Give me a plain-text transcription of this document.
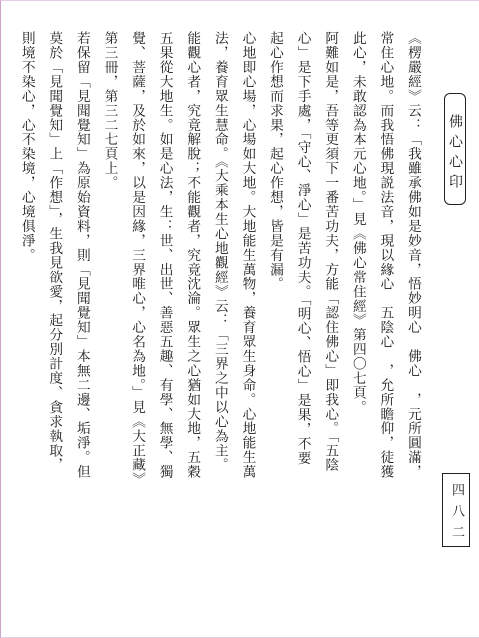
佛心心印

《楞嚴經》云：「我雖承佛如是妙音，悟妙明心　佛心　，元所圓滿，

常住心地。而我悟佛現説法音，現以緣心　五陰心　，允所瞻仰，徒獲

此心，未敢認為本元心地。」見《佛心常住經》第四〇七頁。

阿難如是，吾等更須下一番苦功夫，方能「認住佛心」即我心。「五陰

心」是下手處，「守心、淨心」是苦功夫。「明心、悟心」是果，不要

起心作想而求果，起心作想，皆是有漏。

心地即心場，心場如大地。大地能生萬物，養育眾生身命。心地能生萬

法，養育眾生慧命。《大乘本生心地觀經》云：「三界之中以心為主。

能觀心者，究竟解脫；不能觀者，究竟沈淪。眾生之心猶如大地，五穀

五果從大地生。如是心法，生：世、出世、善惡五趣、有學、無學、獨

覺、菩薩，及於如來，以是因緣，三界唯心，心名為地。」見《大正藏》

第三冊，第三二七頁上。

若保留「見聞覺知」為原始資料，則「見聞覺知」本無二邊、垢淨。但

莫於「見聞覺知」上「作想」，生我見欲愛，起分別計度、貪求執取，

則境不染心，心不染境，心境俱淨。

四八二
